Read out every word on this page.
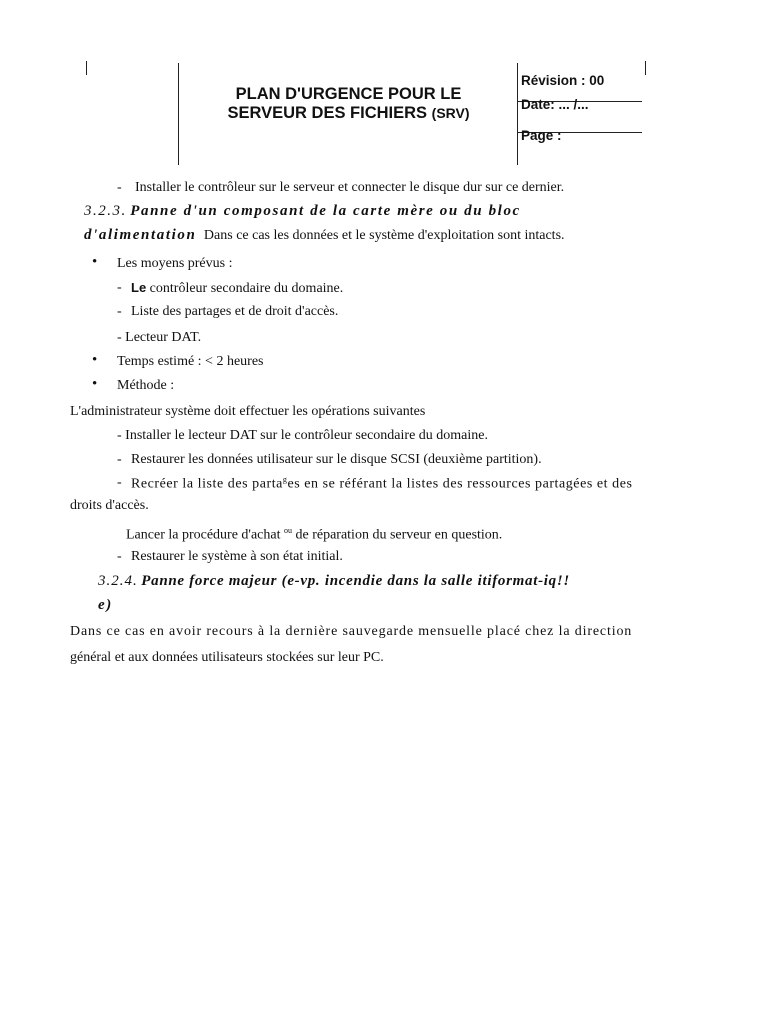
PLAN D'URGENCE POUR LE
SERVEUR DES FICHIERS (SRV)
Révision : 00
Date: ... /...
Page :
- Installer le contrôleur sur le serveur et connecter le disque dur sur ce dernier.
3.2.3. Panne d'un composant de la carte mère ou du bloc
d'alimentation Dans ce cas les données et le système d'exploitation sont intacts.
• Les moyens prévus :
- Le contrôleur secondaire du domaine.
- Liste des partages et de droit d'accès.
- Lecteur DAT.
• Temps estimé : < 2 heures
• Méthode :
L'administrateur système doit effectuer les opérations suivantes
- Installer le lecteur DAT sur le contrôleur secondaire du domaine.
- Restaurer les données utilisateur sur le disque SCSI (deuxième partition).
- Recréer la liste des parta$^g$es en se référant la listes des ressources partagées et des
droits d'accès.
Lancer la procédure d'achat $^{ou}$ de réparation du serveur en question.
- Restaurer le système à son état initial.
3.2.4. Panne force majeur (e-vp. incendie dans la salle itiformat-iq!!
e)
Dans ce cas en avoir recours à la dernière sauvegarde mensuelle placé chez la direction
général et aux données utilisateurs stockées sur leur PC.
